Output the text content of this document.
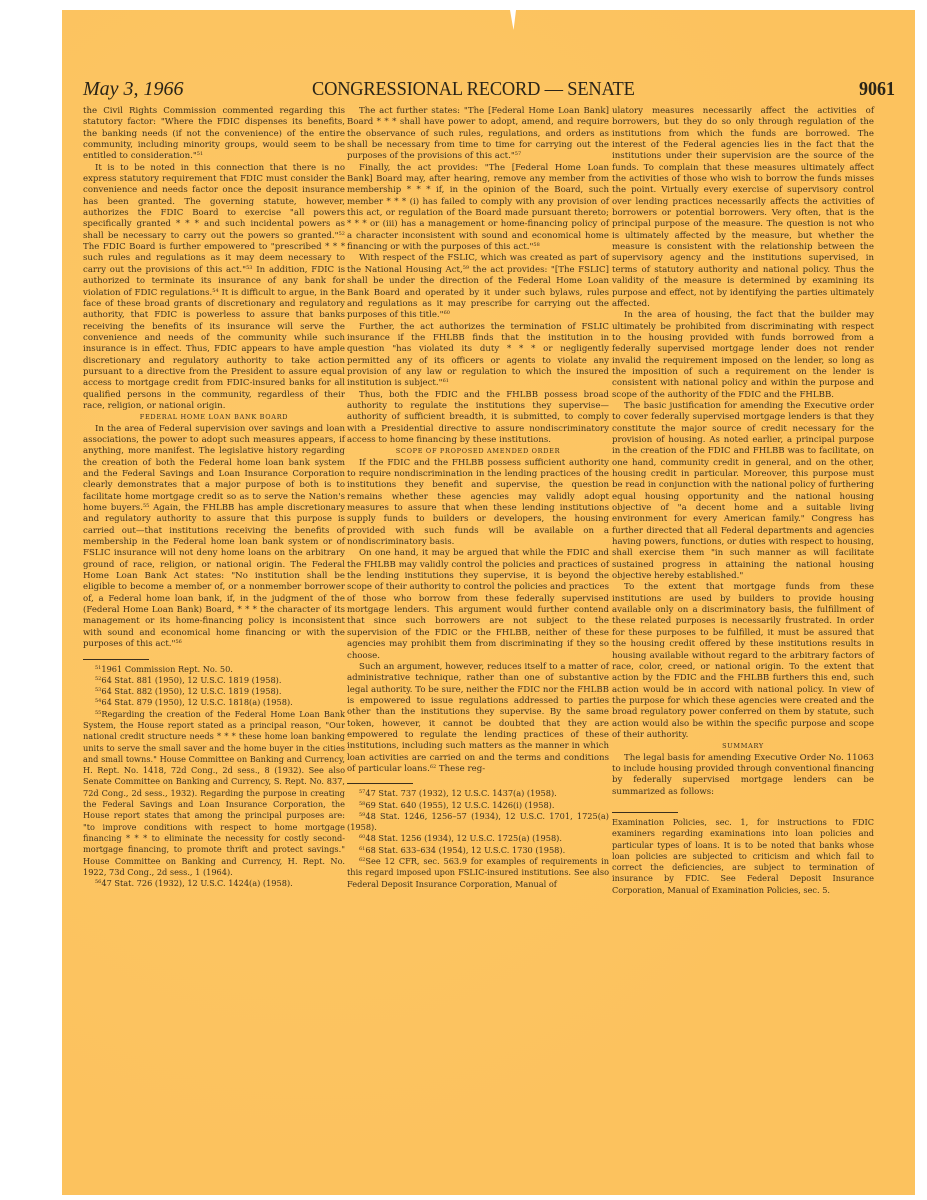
May 3, 1966	CONGRESSIONAL RECORD — SENATE	9061

the Civil Rights Commission commented regarding this statutory factor: "Where the FDIC dispenses its benefits, the banking needs (if not the convenience) of the entire community, including minority groups, would seem to be entitled to consideration."$^{51}$

It is to be noted in this connection that there is no express statutory requirement that FDIC must consider the convenience and needs factor once the deposit insurance has been granted. The governing statute, however, authorizes the FDIC Board to exercise "all powers specifically granted * * * and such incidental powers as shall be necessary to carry out the powers so granted."$^{52}$ The FDIC Board is further empowered to "prescribed * * * such rules and regulations as it may deem necessary to carry out the provisions of this act."$^{53}$ In addition, FDIC is authorized to terminate its insurance of any bank for violation of FDIC regulations.$^{54}$ It is difficult to argue, in the face of these broad grants of discretionary and regulatory authority, that FDIC is powerless to assure that banks receiving the benefits of its insurance will serve the convenience and needs of the community while such insurance is in effect. Thus, FDIC appears to have ample discretionary and regulatory authority to take action pursuant to a directive from the President to assure equal access to mortgage credit from FDIC-insured banks for all qualified persons in the community, regardless of their race, religion, or national origin.

FEDERAL HOME LOAN BANK BOARD

In the area of Federal supervision over savings and loan associations, the power to adopt such measures appears, if anything, more manifest. The legislative history regarding the creation of both the Federal home loan bank system and the Federal Savings and Loan Insurance Corporation clearly demonstrates that a major purpose of both is to facilitate home mortgage credit so as to serve the Nation's home buyers.$^{55}$ Again, the FHLBB has ample discretionary and regulatory authority to assure that this purpose is carried out—that institutions receiving the benefits of membership in the Federal home loan bank system or of FSLIC insurance will not deny home loans on the arbitrary ground of race, religion, or national origin. The Federal Home Loan Bank Act states: "No institution shall be eligible to become a member of, or a nonmember borrower of, a Federal home loan bank, if, in the judgment of the (Federal Home Loan Bank) Board, * * * the character of its management or its home-financing policy is inconsistent with sound and economical home financing or with the purposes of this act."$^{56}$

$^{51}$1961 Commission Rept. No. 50.

$^{52}$64 Stat. 881 (1950), 12 U.S.C. 1819 (1958).

$^{53}$64 Stat. 882 (1950), 12 U.S.C. 1819 (1958).

$^{54}$64 Stat. 879 (1950), 12 U.S.C. 1818(a) (1958).

$^{55}$Regarding the creation of the Federal Home Loan Bank System, the House report stated as a principal reason, "Our national credit structure needs * * * these home loan banking units to serve the small saver and the home buyer in the cities and small towns." House Committee on Banking and Currency, H. Rept. No. 1418, 72d Cong., 2d sess., 8 (1932). See also Senate Committee on Banking and Currency, S. Rept. No. 837, 72d Cong., 2d sess., 1932). Regarding the purpose in creating the Federal Savings and Loan Insurance Corporation, the House report states that among the principal purposes are: "to improve conditions with respect to home mortgage financing * * * to eliminate the necessity for costly second-mortgage financing, to promote thrift and protect savings." House Committee on Banking and Currency, H. Rept. No. 1922, 73d Cong., 2d sess., 1 (1964).

$^{56}$47 Stat. 726 (1932), 12 U.S.C. 1424(a) (1958).

The act further states: "The [Federal Home Loan Bank] Board * * * shall have power to adopt, amend, and require the observance of such rules, regulations, and orders as shall be necessary from time to time for carrying out the purposes of the provisions of this act."$^{57}$

Finally, the act provides: "The [Federal Home Loan Bank] Board may, after hearing, remove any member from membership * * * if, in the opinion of the Board, such member * * * (i) has failed to comply with any provision of this act, or regulation of the Board made pursuant thereto; * * * or (iii) has a management or home-financing policy of a character inconsistent with sound and economical home financing or with the purposes of this act."$^{58}$

With respect of the FSLIC, which was created as part of the National Housing Act,$^{59}$ the act provides: "[The FSLIC] shall be under the direction of the Federal Home Loan Bank Board and operated by it under such bylaws, rules and regulations as it may prescribe for carrying out the purposes of this title."$^{60}$

Further, the act authorizes the termination of FSLIC insurance if the FHLBB finds that the institution in question "has violated its duty * * * or negligently permitted any of its officers or agents to violate any provision of any law or regulation to which the insured institution is subject."$^{61}$

Thus, both the FDIC and the FHLBB possess broad authority to regulate the institutions they supervise—authority of sufficient breadth, it is submitted, to comply with a Presidential directive to assure nondiscriminatory access to home financing by these institutions.

SCOPE OF PROPOSED AMENDED ORDER

If the FDIC and the FHLBB possess sufficient authority to require nondiscrimination in the lending practices of the institutions they benefit and supervise, the question remains whether these agencies may validly adopt measures to assure that when these lending institutions supply funds to builders or developers, the housing provided with such funds will be available on a nondiscriminatory basis.

On one hand, it may be argued that while the FDIC and the FHLBB may validly control the policies and practices of the lending institutions they supervise, it is beyond the scope of their authority to control the policies and practices of those who borrow from these federally supervised mortgage lenders. This argument would further contend that since such borrowers are not subject to the supervision of the FDIC or the FHLBB, neither of these agencies may prohibit them from discriminating if they so choose.

Such an argument, however, reduces itself to a matter of administrative technique, rather than one of substantive legal authority. To be sure, neither the FDIC nor the FHLBB is empowered to issue regulations addressed to parties other than the institutions they supervise. By the same token, however, it cannot be doubted that they are empowered to regulate the lending practices of these institutions, including such matters as the manner in which loan activities are carried on and the terms and conditions of particular loans.$^{62}$ These reg-

$^{57}$47 Stat. 737 (1932), 12 U.S.C. 1437(a) (1958).

$^{58}$69 Stat. 640 (1955), 12 U.S.C. 1426(i) (1958).

$^{59}$48 Stat. 1246, 1256–57 (1934), 12 U.S.C. 1701, 1725(a) (1958).

$^{60}$48 Stat. 1256 (1934), 12 U.S.C. 1725(a) (1958).

$^{61}$68 Stat. 633–634 (1954), 12 U.S.C. 1730 (1958).

$^{62}$See 12 CFR, sec. 563.9 for examples of requirements in this regard imposed upon FSLIC-insured institutions. See also Federal Deposit Insurance Corporation, Manual of

ulatory measures necessarily affect the activities of borrowers, but they do so only through regulation of the institutions from which the funds are borrowed. The interest of the Federal agencies lies in the fact that the institutions under their supervision are the source of the funds. To complain that these measures ultimately affect the activities of those who wish to borrow the funds misses the point. Virtually every exercise of supervisory control over lending practices necessarily affects the activities of borrowers or potential borrowers. Very often, that is the principal purpose of the measure. The question is not who is ultimately affected by the measure, but whether the measure is consistent with the relationship between the supervisory agency and the institutions supervised, in terms of statutory authority and national policy. Thus the validity of the measure is determined by examining its purpose and effect, not by identifying the parties ultimately affected.

In the area of housing, the fact that the builder may ultimately be prohibited from discriminating with respect to the housing provided with funds borrowed from a federally supervised mortgage lender does not render invalid the requirement imposed on the lender, so long as the imposition of such a requirement on the lender is consistent with national policy and within the purpose and scope of the authority of the FDIC and the FHLBB.

The basic justification for amending the Executive order to cover federally supervised mortgage lenders is that they constitute the major source of credit necessary for the provision of housing. As noted earlier, a principal purpose in the creation of the FDIC and FHLBB was to facilitate, on one hand, community credit in general, and on the other, housing credit in particular. Moreover, this purpose must be read in conjunction with the national policy of furthering equal housing opportunity and the national housing objective of "a decent home and a suitable living environment for every American family." Congress has further directed that all Federal departments and agencies having powers, functions, or duties with respect to housing, shall exercise them "in such manner as will facilitate sustained progress in attaining the national housing objective hereby established."

To the extent that mortgage funds from these institutions are used by builders to provide housing available only on a discriminatory basis, the fulfillment of these related purposes is necessarily frustrated. In order for these purposes to be fulfilled, it must be assured that the housing credit offered by these institutions results in housing available without regard to the arbitrary factors of race, color, creed, or national origin. To the extent that action by the FDIC and the FHLBB furthers this end, such action would be in accord with national policy. In view of the purpose for which these agencies were created and the broad regulatory power conferred on them by statute, such action would also be within the specific purpose and scope of their authority.

SUMMARY

The legal basis for amending Executive Order No. 11063 to include housing provided through conventional financing by federally supervised mortgage lenders can be summarized as follows:

Examination Policies, sec. 1, for instructions to FDIC examiners regarding examinations into loan policies and particular types of loans. It is to be noted that banks whose loan policies are subjected to criticism and which fail to correct the deficiencies, are subject to termination of insurance by FDIC. See Federal Deposit Insurance Corporation, Manual of Examination Policies, sec. 5.
